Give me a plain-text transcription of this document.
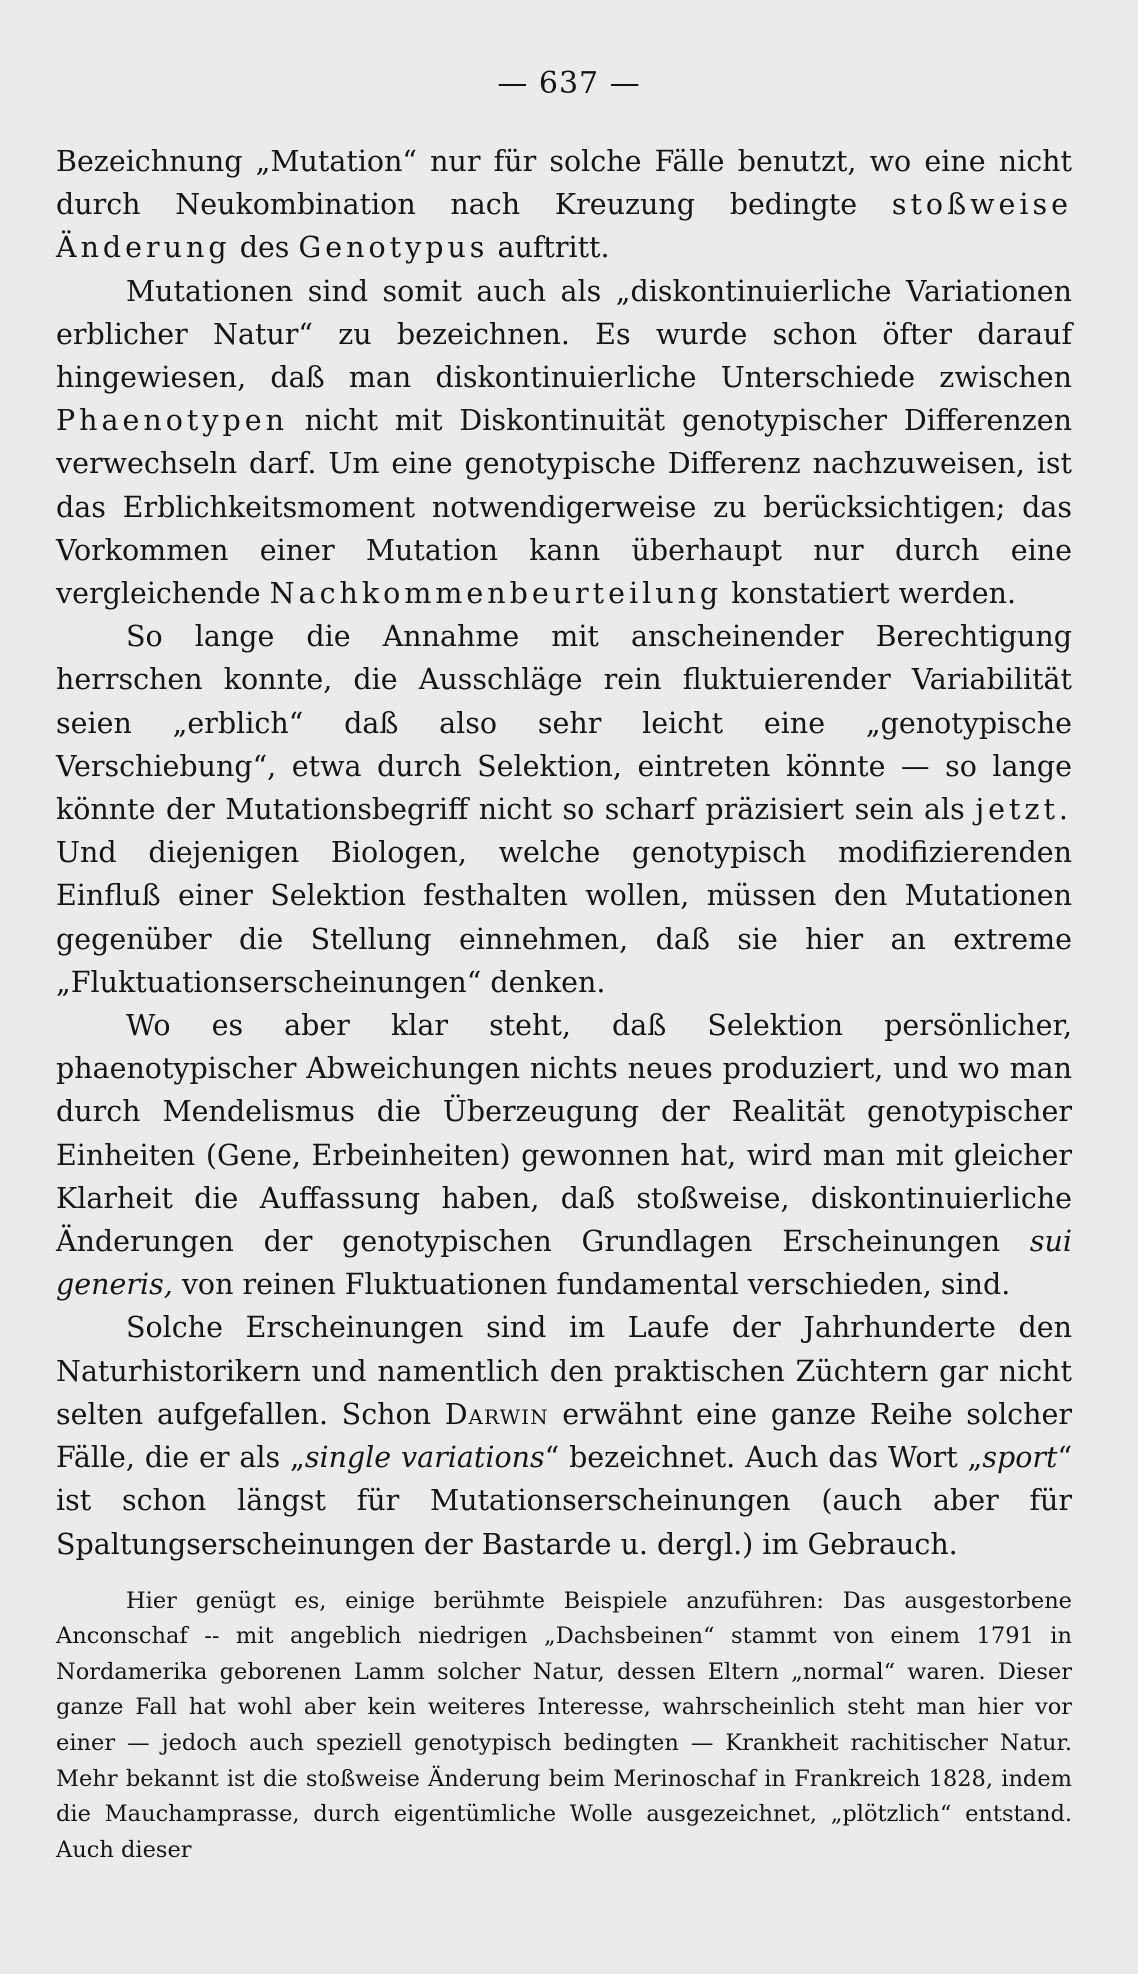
— 637 —

Bezeichnung „Mutation“ nur für solche Fälle benutzt, wo eine nicht durch Neukombination nach Kreuzung bedingte stoßweise Änderung des Genotypus auftritt.

Mutationen sind somit auch als „diskontinuierliche Variationen erblicher Natur“ zu bezeichnen. Es wurde schon öfter darauf hingewiesen, daß man diskontinuierliche Unterschiede zwischen Phaenotypen nicht mit Diskontinuität genotypischer Differenzen verwechseln darf. Um eine genotypische Differenz nachzuweisen, ist das Erblichkeitsmoment notwendigerweise zu berücksichtigen; das Vorkommen einer Mutation kann überhaupt nur durch eine vergleichende Nachkommenbeurteilung konstatiert werden.

So lange die Annahme mit anscheinender Berechtigung herrschen konnte, die Ausschläge rein fluktuierender Variabilität seien „erblich“ daß also sehr leicht eine „genotypische Verschiebung“, etwa durch Selektion, eintreten könnte — so lange könnte der Mutationsbegriff nicht so scharf präzisiert sein als jetzt. Und diejenigen Biologen, welche genotypisch modifizierenden Einfluß einer Selektion festhalten wollen, müssen den Mutationen gegenüber die Stellung einnehmen, daß sie hier an extreme „Fluktuationserscheinungen“ denken.

Wo es aber klar steht, daß Selektion persönlicher, phaenotypischer Abweichungen nichts neues produziert, und wo man durch Mendelismus die Überzeugung der Realität genotypischer Einheiten (Gene, Erbeinheiten) gewonnen hat, wird man mit gleicher Klarheit die Auffassung haben, daß stoßweise, diskontinuierliche Änderungen der genotypischen Grundlagen Erscheinungen sui generis, von reinen Fluktuationen fundamental verschieden, sind.

Solche Erscheinungen sind im Laufe der Jahrhunderte den Naturhistorikern und namentlich den praktischen Züchtern gar nicht selten aufgefallen. Schon Darwin erwähnt eine ganze Reihe solcher Fälle, die er als „single variations“ bezeichnet. Auch das Wort „sport“ ist schon längst für Mutationserscheinungen (auch aber für Spaltungserscheinungen der Bastarde u. dergl.) im Gebrauch.

Hier genügt es, einige berühmte Beispiele anzuführen: Das ausgestorbene Anconschaf -- mit angeblich niedrigen „Dachsbeinen“ stammt von einem 1791 in Nordamerika geborenen Lamm solcher Natur, dessen Eltern „normal“ waren. Dieser ganze Fall hat wohl aber kein weiteres Interesse, wahrscheinlich steht man hier vor einer — jedoch auch speziell genotypisch bedingten — Krankheit rachitischer Natur. Mehr bekannt ist die stoßweise Änderung beim Merinoschaf in Frankreich 1828, indem die Mauchamprasse, durch eigentümliche Wolle ausgezeichnet, „plötzlich“ entstand. Auch dieser
